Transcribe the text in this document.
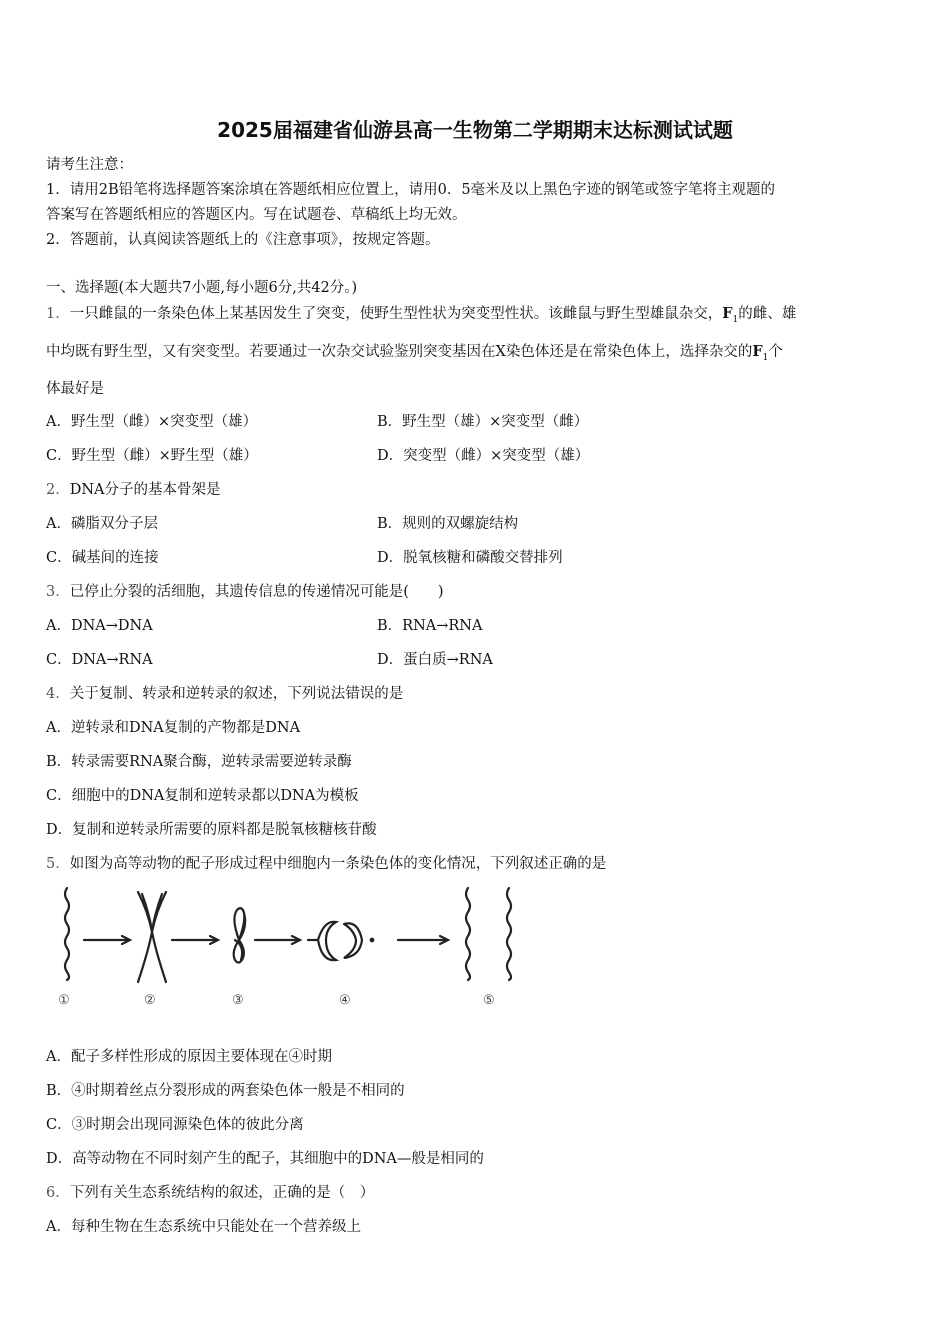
2025届福建省仙游县高一生物第二学期期末达标测试试题
请考生注意：
1．请用2B铅笔将选择题答案涂填在答题纸相应位置上，请用0．5毫米及以上黑色字迹的钢笔或签字笔将主观题的
答案写在答题纸相应的答题区内。写在试题卷、草稿纸上均无效。
2．答题前，认真阅读答题纸上的《注意事项》，按规定答题。
一、选择题(本大题共7小题,每小题6分,共42分。)
1．一只雌鼠的一条染色体上某基因发生了突变，使野生型性状为突变型性状。该雌鼠与野生型雄鼠杂交，$F_1$的雌、雄
中均既有野生型，又有突变型。若要通过一次杂交试验鉴别突变基因在X染色体还是在常染色体上，选择杂交的$F_1$个
体最好是
A．野生型（雌）×突变型（雄）	B．野生型（雄）×突变型（雌）
C．野生型（雌）×野生型（雄）	D．突变型（雌）×突变型（雄）
2．DNA分子的基本骨架是
A．磷脂双分子层	B．规则的双螺旋结构
C．碱基间的连接	D．脱氧核糖和磷酸交替排列
3．已停止分裂的活细胞，其遗传信息的传递情况可能是(　　)
A．DNA→DNA	B．RNA→RNA
C．DNA→RNA	D．蛋白质→RNA
4．关于复制、转录和逆转录的叙述，下列说法错误的是
A．逆转录和DNA复制的产物都是DNA
B．转录需要RNA聚合酶，逆转录需要逆转录酶
C．细胞中的DNA复制和逆转录都以DNA为模板
D．复制和逆转录所需要的原料都是脱氧核糖核苷酸
5．如图为高等动物的配子形成过程中细胞内一条染色体的变化情况，下列叙述正确的是
①	②	③	④	⑤
A．配子多样性形成的原因主要体现在④时期
B．④时期着丝点分裂形成的两套染色体一般是不相同的
C．③时期会出现同源染色体的彼此分离
D．高等动物在不同时刻产生的配子，其细胞中的DNA—般是相同的
6．下列有关生态系统结构的叙述，正确的是（　）
A．每种生物在生态系统中只能处在一个营养级上
